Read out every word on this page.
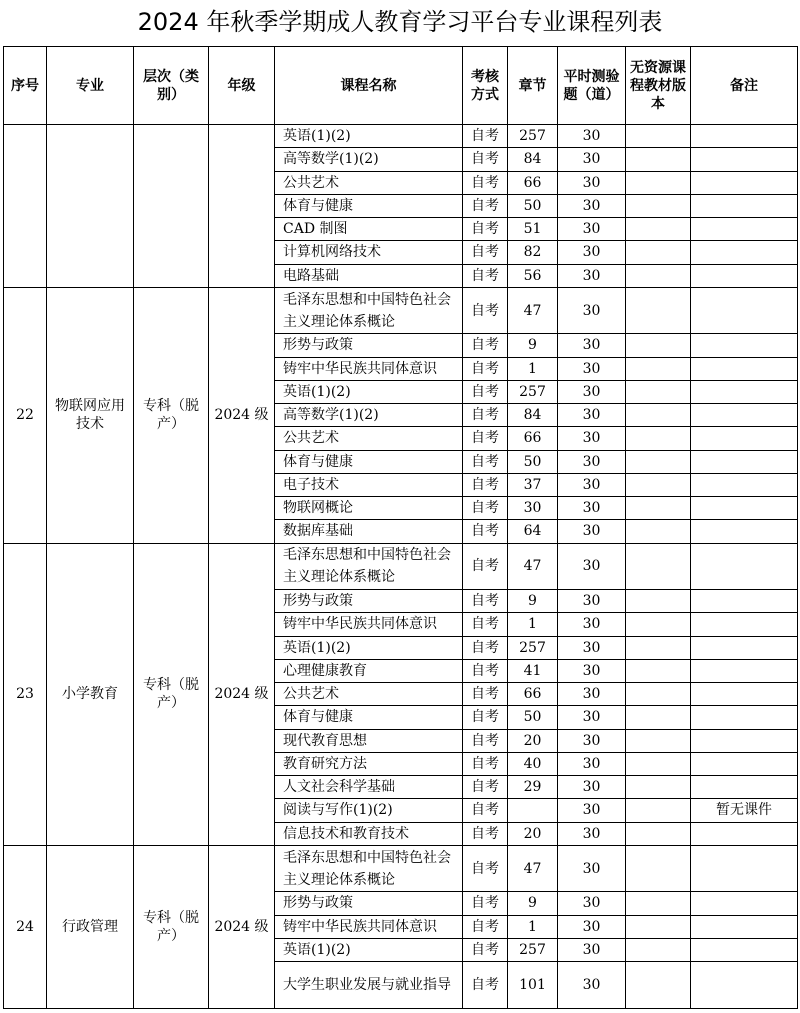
2024 年秋季学期成人教育学习平台专业课程列表
序号	专业	层次（类别）	年级	课程名称	考核方式	章节	平时测验题（道）	无资源课程教材版本	备注
				英语(1)(2)	自考	257	30		
				高等数学(1)(2)	自考	84	30		
				公共艺术	自考	66	30		
				体育与健康	自考	50	30		
				CAD 制图	自考	51	30		
				计算机网络技术	自考	82	30		
				电路基础	自考	56	30		
22	物联网应用技术	专科（脱产）	2024 级	毛泽东思想和中国特色社会主义理论体系概论	自考	47	30		
				形势与政策	自考	9	30		
				铸牢中华民族共同体意识	自考	1	30		
				英语(1)(2)	自考	257	30		
				高等数学(1)(2)	自考	84	30		
				公共艺术	自考	66	30		
				体育与健康	自考	50	30		
				电子技术	自考	37	30		
				物联网概论	自考	30	30		
				数据库基础	自考	64	30		
23	小学教育	专科（脱产）	2024 级	毛泽东思想和中国特色社会主义理论体系概论	自考	47	30		
				形势与政策	自考	9	30		
				铸牢中华民族共同体意识	自考	1	30		
				英语(1)(2)	自考	257	30		
				心理健康教育	自考	41	30		
				公共艺术	自考	66	30		
				体育与健康	自考	50	30		
				现代教育思想	自考	20	30		
				教育研究方法	自考	40	30		
				人文社会科学基础	自考	29	30		
				阅读与写作(1)(2)	自考		30		暂无课件
				信息技术和教育技术	自考	20	30		
24	行政管理	专科（脱产）	2024 级	毛泽东思想和中国特色社会主义理论体系概论	自考	47	30		
				形势与政策	自考	9	30		
				铸牢中华民族共同体意识	自考	1	30		
				英语(1)(2)	自考	257	30		
				大学生职业发展与就业指导	自考	101	30		
